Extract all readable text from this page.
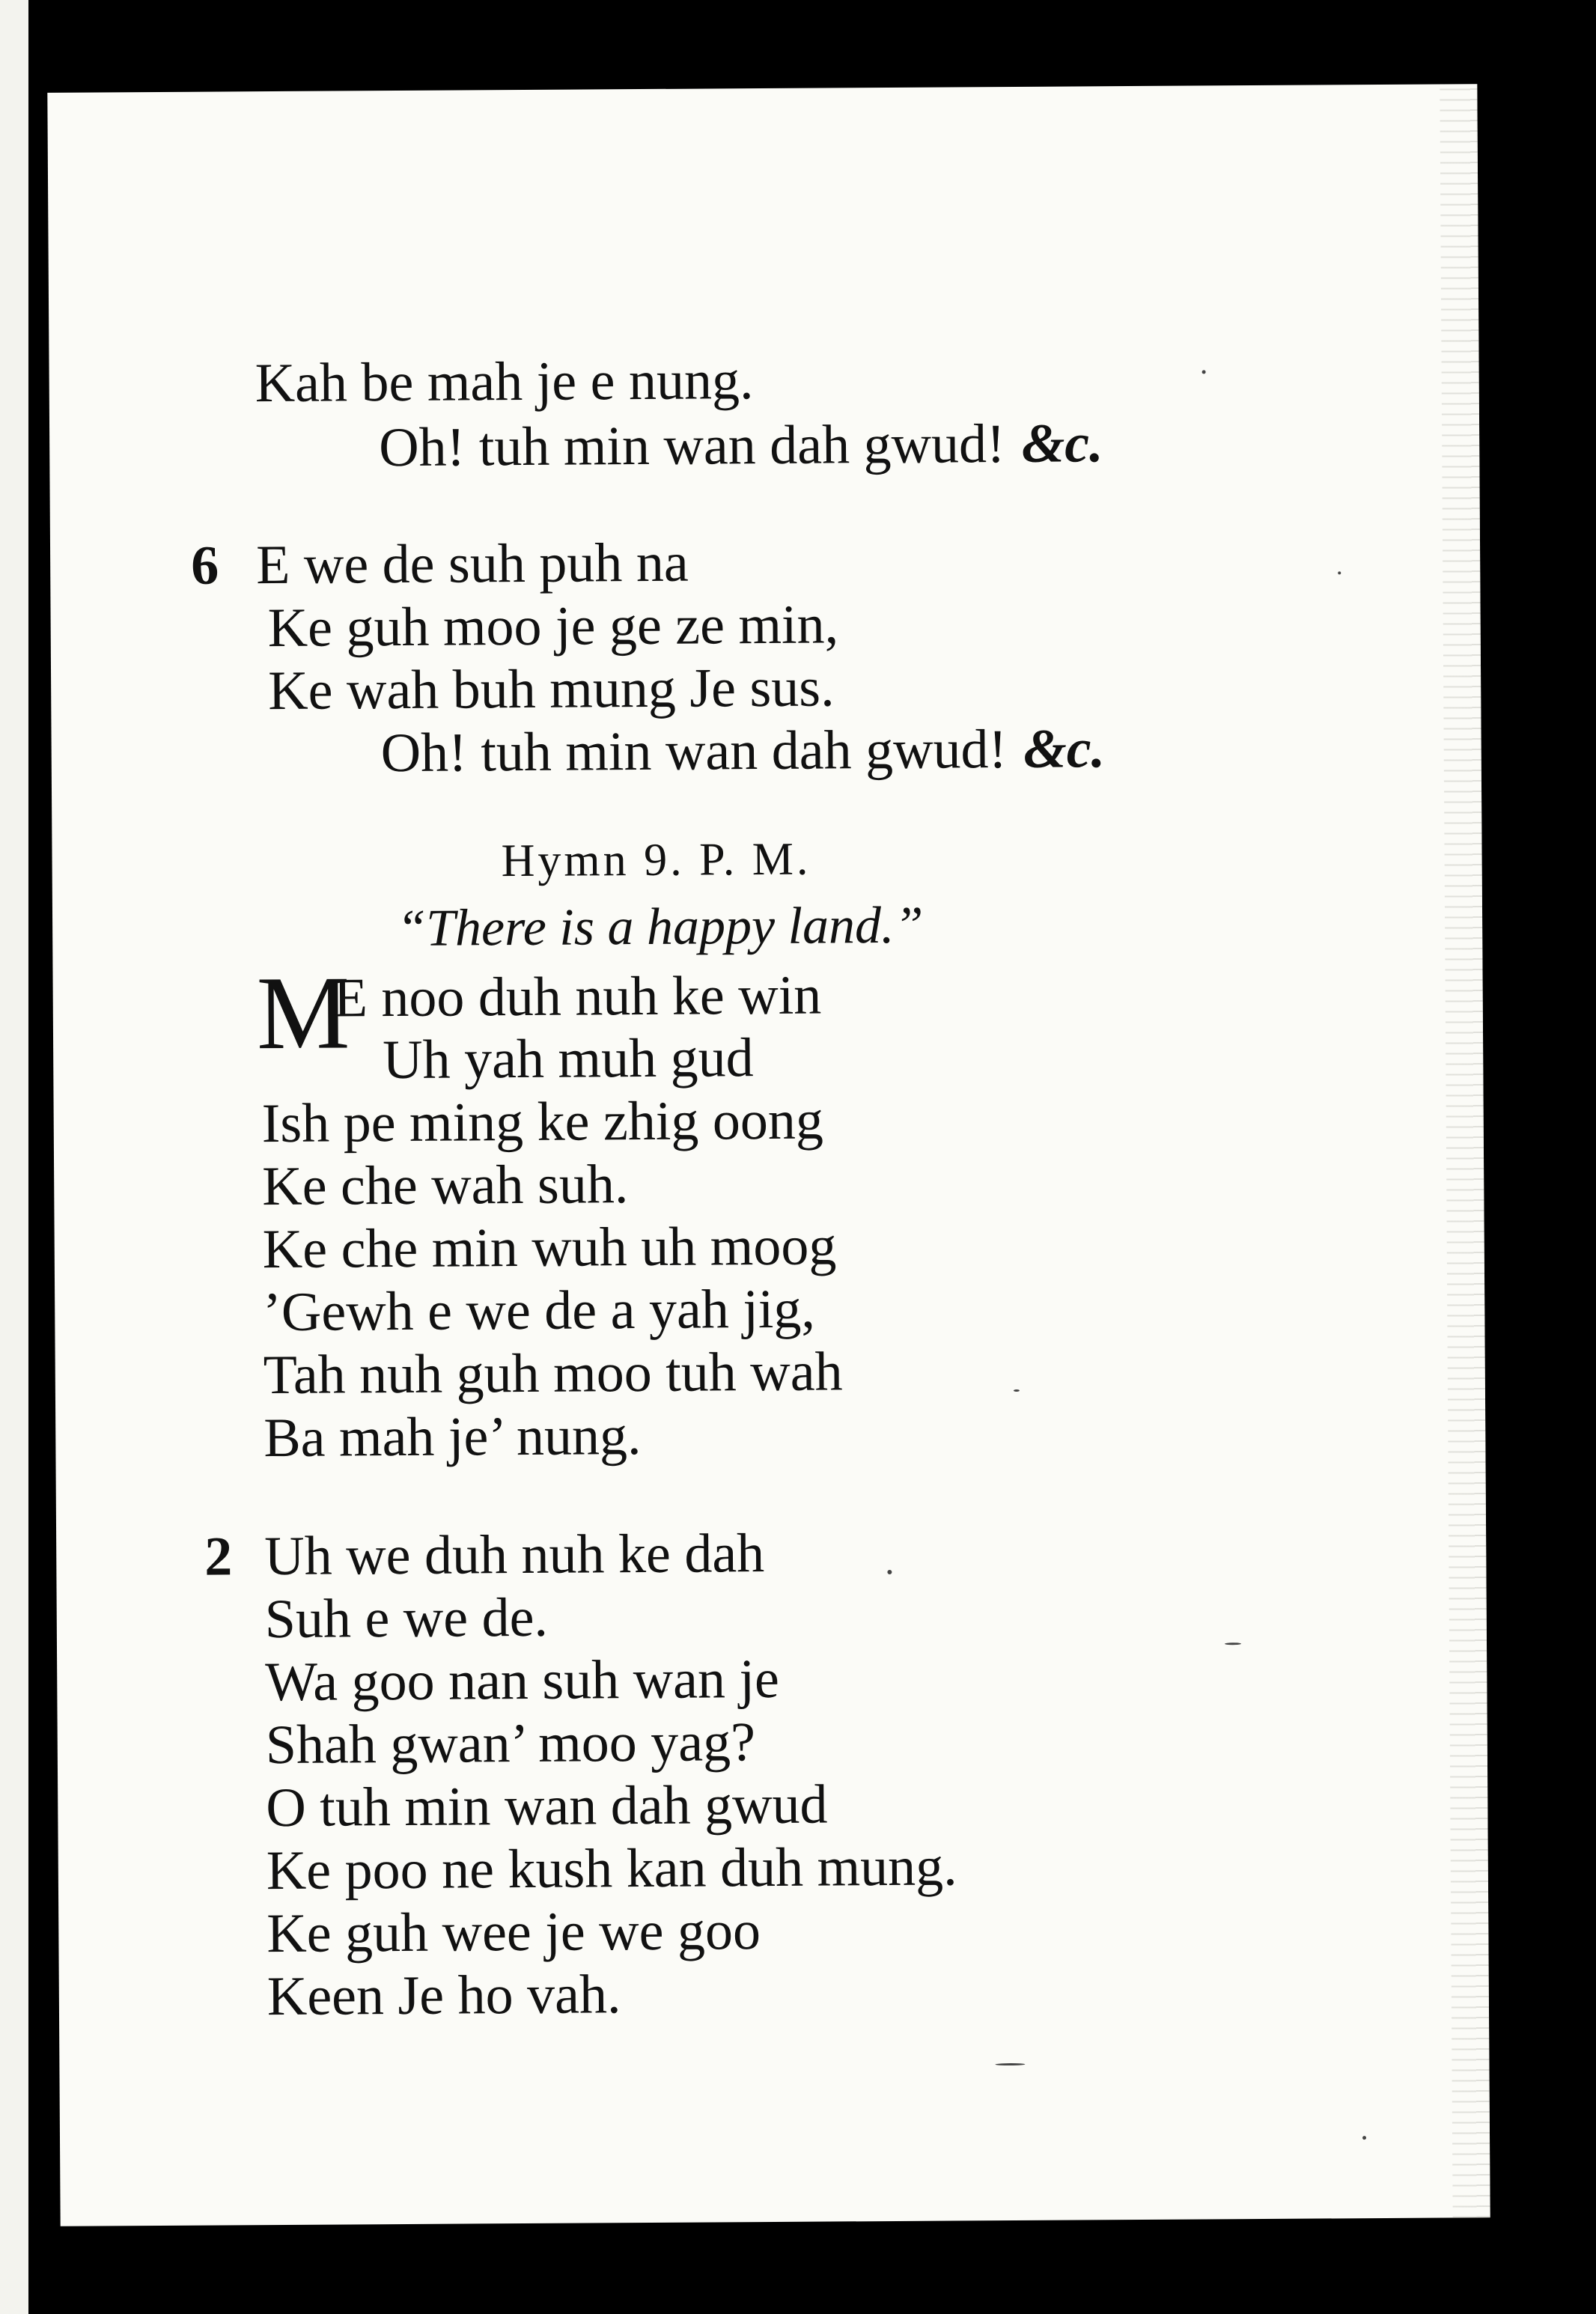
Kah be mah je e nung.
Oh! tuh min wan dah gwud! &c.
6 E we de suh puh na
Ke guh moo je ge ze min,
Ke wah buh mung Je sus.
Oh! tuh min wan dah gwud! &c.
Hymn 9. P. M.
“There is a happy land.”
M
E noo duh nuh ke win
Uh yah muh gud
Ish pe ming ke zhig oong
Ke che wah suh.
Ke che min wuh uh moog
’Gewh e we de a yah jig,
Tah nuh guh moo tuh wah
Ba mah je’ nung.
2 Uh we duh nuh ke dah
Suh e we de.
Wa goo nan suh wan je
Shah gwan’ moo yag?
O tuh min wan dah gwud
Ke poo ne kush kan duh mung.
Ke guh wee je we goo
Keen Je ho vah.
